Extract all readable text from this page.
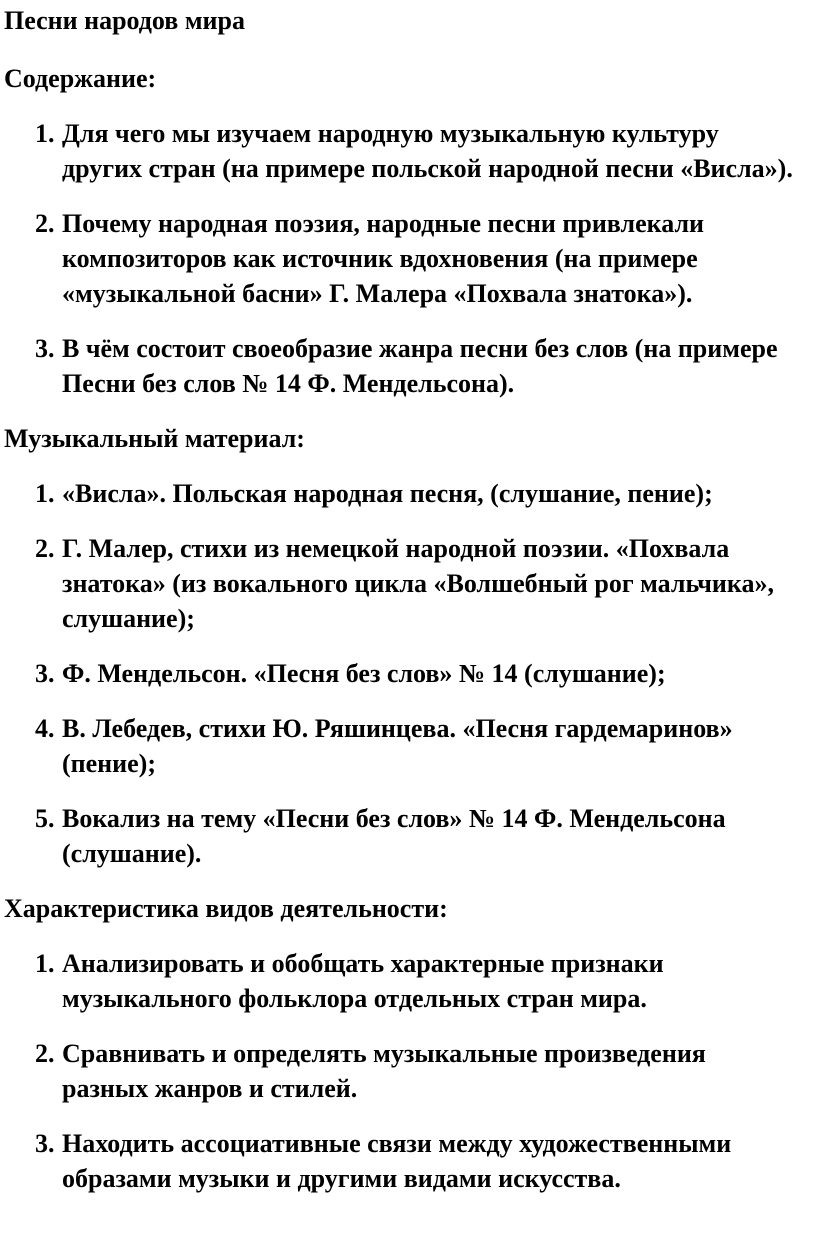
Песни народов мира
Содержание:
1. Для чего мы изучаем народную музыкальную культуру других стран (на примере польской народной песни «Висла»).
2. Почему народная поэзия, народные песни привлекали композиторов как источник вдохновения (на примере «музыкальной басни» Г. Малера «Похвала знатока»).
3. В чём состоит своеобразие жанра песни без слов (на примере Песни без слов № 14 Ф. Мендельсона).
Музыкальный материал:
1. «Висла». Польская народная песня, (слушание, пение);
2. Г. Малер, стихи из немецкой народной поэзии. «Похвала знатока» (из вокального цикла «Волшебный рог мальчика», слушание);
3. Ф. Мендельсон. «Песня без слов» № 14 (слушание);
4. В. Лебедев, стихи Ю. Ряшинцева. «Песня гардемаринов» (пение);
5. Вокализ на тему «Песни без слов» № 14 Ф. Мендельсона (слушание).
Характеристика видов деятельности:
1. Анализировать и обобщать характерные признаки музыкального фольклора отдельных стран мира.
2. Сравнивать и определять музыкальные произведения разных жанров и стилей.
3. Находить ассоциативные связи между художественными образами музыки и другими видами искусства.
